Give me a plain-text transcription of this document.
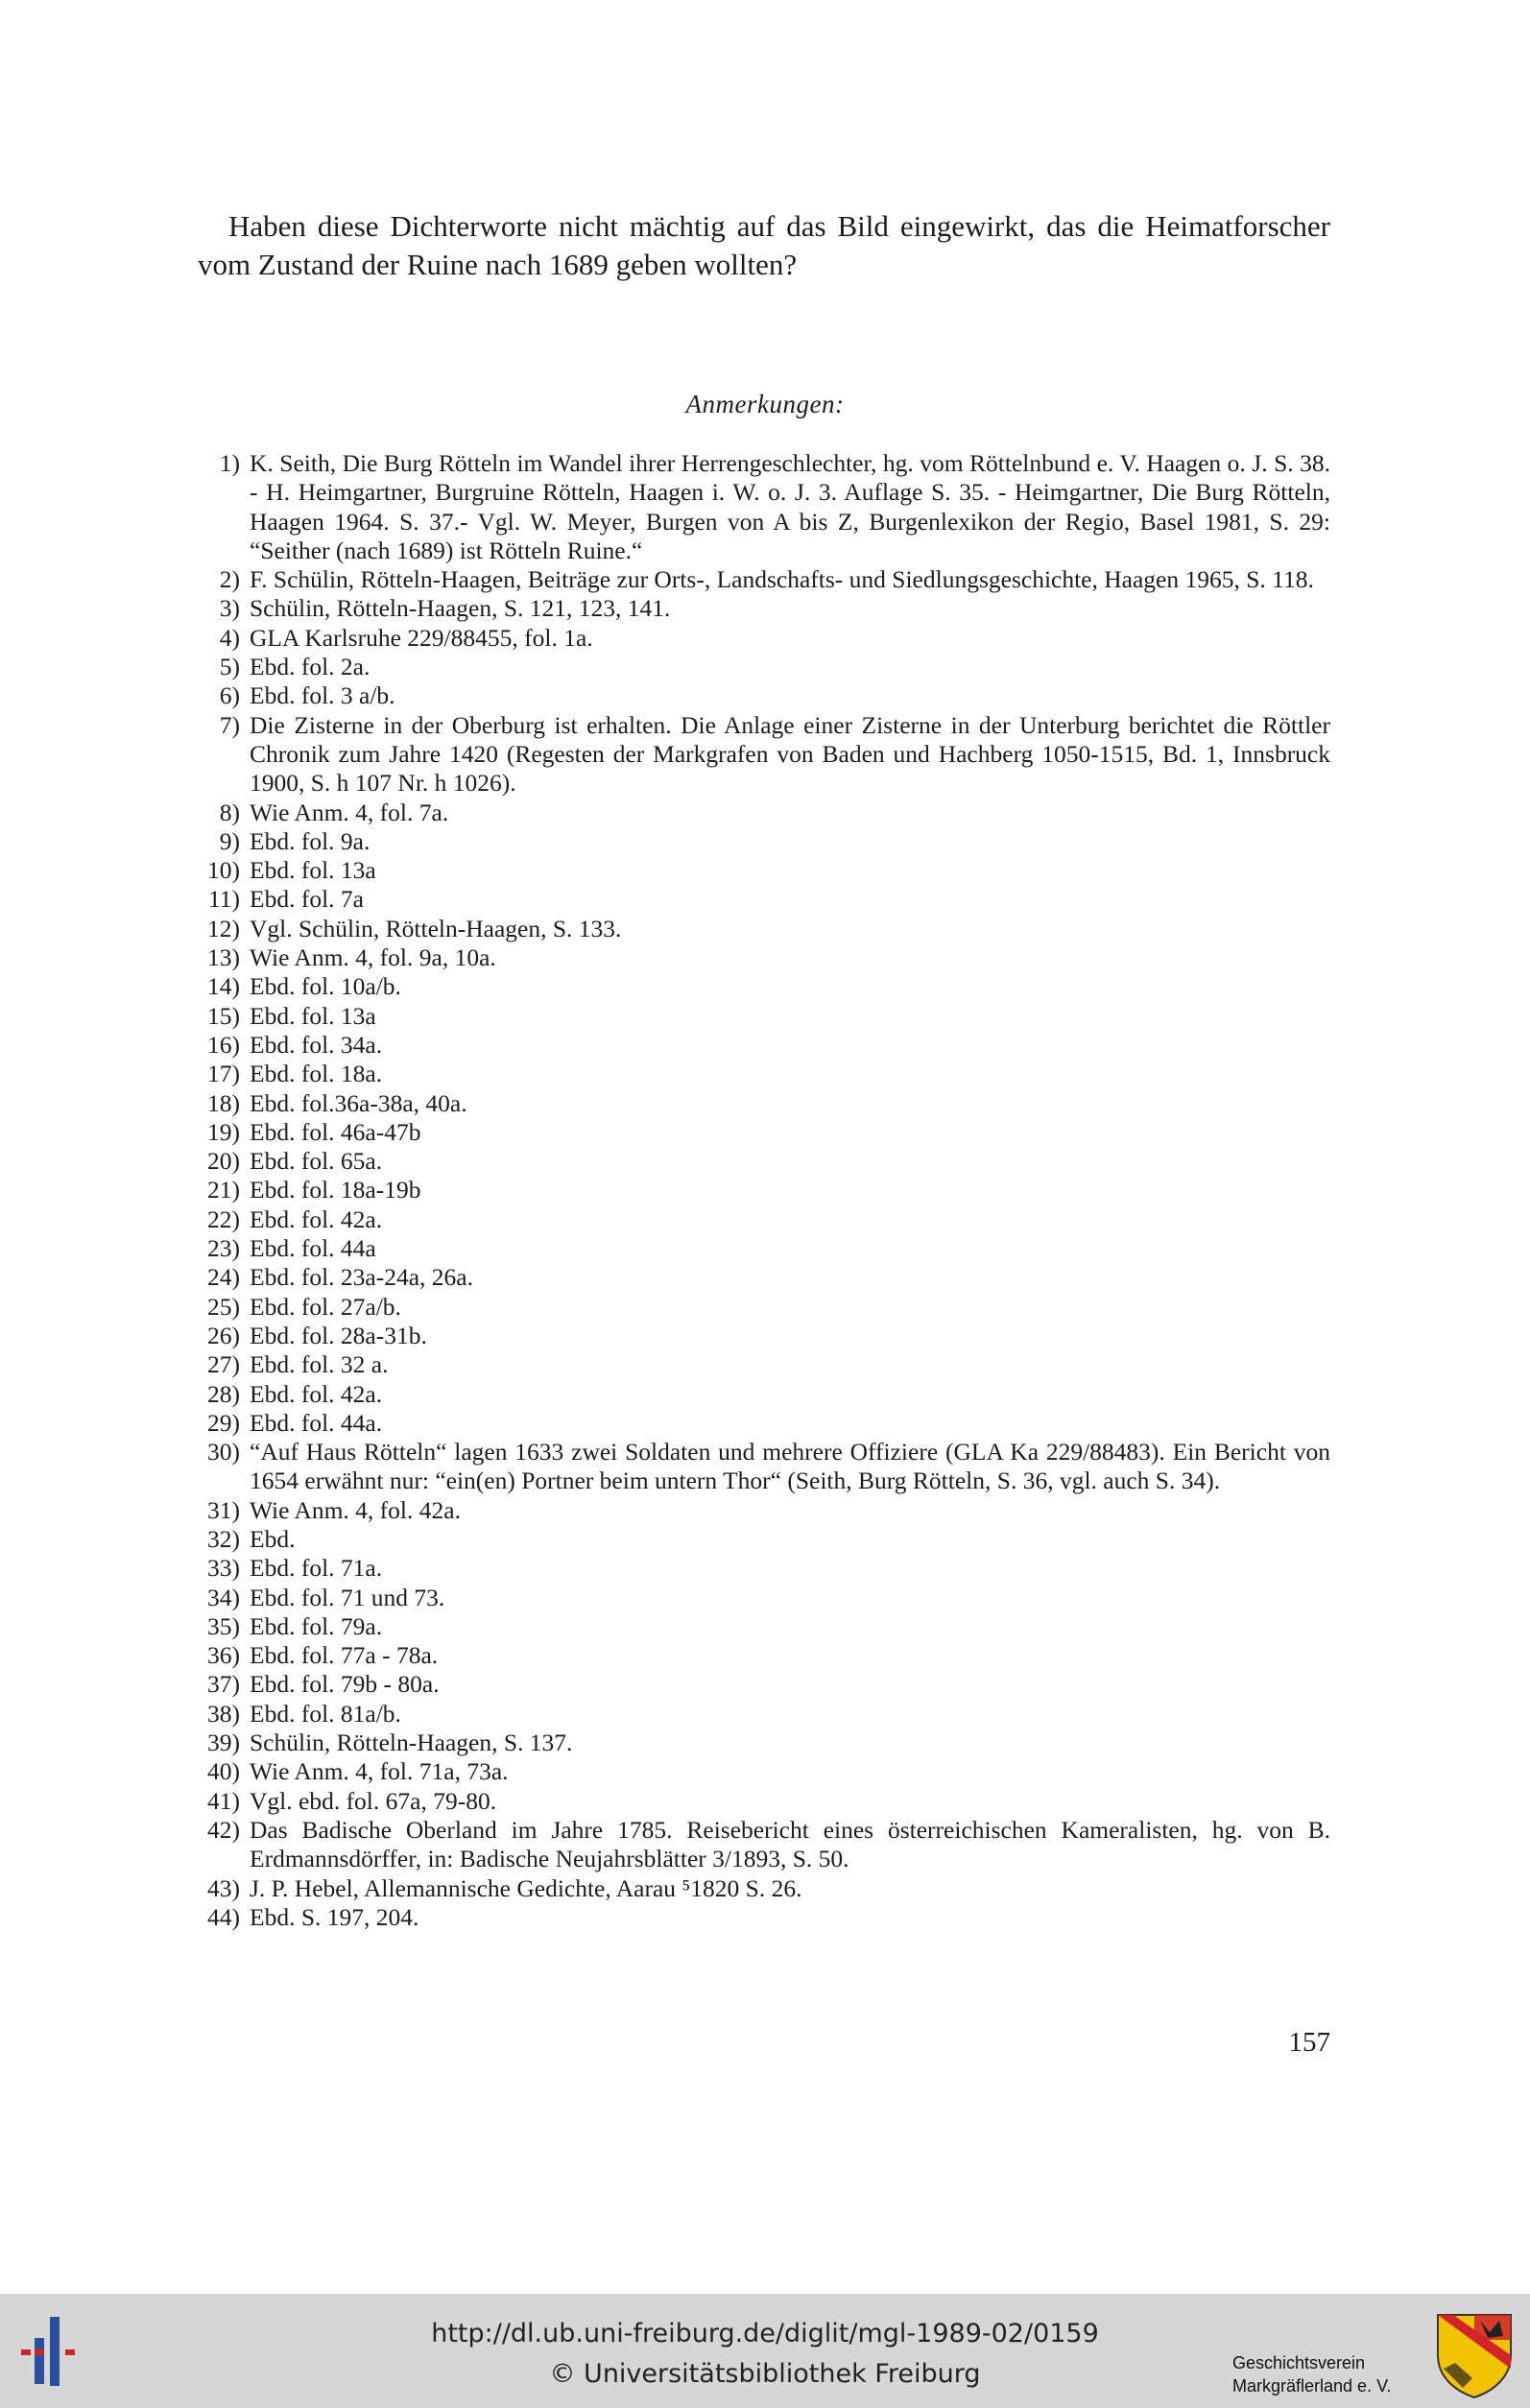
Haben diese Dichterworte nicht mächtig auf das Bild eingewirkt, das die Heimatforscher vom Zustand der Ruine nach 1689 geben wollten?

Anmerkungen:
1) K. Seith, Die Burg Rötteln im Wandel ihrer Herrengeschlechter, hg. vom Röttelnbund e. V. Haagen o. J. S. 38. - H. Heimgartner, Burgruine Rötteln, Haagen i. W. o. J. 3. Auflage S. 35. - Heimgartner, Die Burg Rötteln, Haagen 1964. S. 37.- Vgl. W. Meyer, Burgen von A bis Z, Burgenlexikon der Regio, Basel 1981, S. 29: “Seither (nach 1689) ist Rötteln Ruine.“
2) F. Schülin, Rötteln-Haagen, Beiträge zur Orts-, Landschafts- und Siedlungsgeschichte, Haagen 1965, S. 118.
3) Schülin, Rötteln-Haagen, S. 121, 123, 141.
4) GLA Karlsruhe 229/88455, fol. 1a.
5) Ebd. fol. 2a.
6) Ebd. fol. 3 a/b.
7) Die Zisterne in der Oberburg ist erhalten. Die Anlage einer Zisterne in der Unterburg berichtet die Röttler Chronik zum Jahre 1420 (Regesten der Markgrafen von Baden und Hachberg 1050-1515, Bd. 1, Innsbruck 1900, S. h 107 Nr. h 1026).
8) Wie Anm. 4, fol. 7a.
9) Ebd. fol. 9a.
10) Ebd. fol. 13a
11) Ebd. fol. 7a
12) Vgl. Schülin, Rötteln-Haagen, S. 133.
13) Wie Anm. 4, fol. 9a, 10a.
14) Ebd. fol. 10a/b.
15) Ebd. fol. 13a
16) Ebd. fol. 34a.
17) Ebd. fol. 18a.
18) Ebd. fol.36a-38a, 40a.
19) Ebd. fol. 46a-47b
20) Ebd. fol. 65a.
21) Ebd. fol. 18a-19b
22) Ebd. fol. 42a.
23) Ebd. fol. 44a
24) Ebd. fol. 23a-24a, 26a.
25) Ebd. fol. 27a/b.
26) Ebd. fol. 28a-31b.
27) Ebd. fol. 32 a.
28) Ebd. fol. 42a.
29) Ebd. fol. 44a.
30) “Auf Haus Rötteln“ lagen 1633 zwei Soldaten und mehrere Offiziere (GLA Ka 229/88483). Ein Bericht von 1654 erwähnt nur: “ein(en) Portner beim untern Thor“ (Seith, Burg Rötteln, S. 36, vgl. auch S. 34).
31) Wie Anm. 4, fol. 42a.
32) Ebd.
33) Ebd. fol. 71a.
34) Ebd. fol. 71 und 73.
35) Ebd. fol. 79a.
36) Ebd. fol. 77a - 78a.
37) Ebd. fol. 79b - 80a.
38) Ebd. fol. 81a/b.
39) Schülin, Rötteln-Haagen, S. 137.
40) Wie Anm. 4, fol. 71a, 73a.
41) Vgl. ebd. fol. 67a, 79-80.
42) Das Badische Oberland im Jahre 1785. Reisebericht eines österreichischen Kameralisten, hg. von B. Erdmannsdörffer, in: Badische Neujahrsblätter 3/1893, S. 50.
43) J. P. Hebel, Allemannische Gedichte, Aarau ⁵1820 S. 26.
44) Ebd. S. 197, 204.
157
http://dl.ub.uni-freiburg.de/diglit/mgl-1989-02/0159
© Universitätsbibliothek Freiburg	Geschichtsverein
Markgräflerland e. V.
